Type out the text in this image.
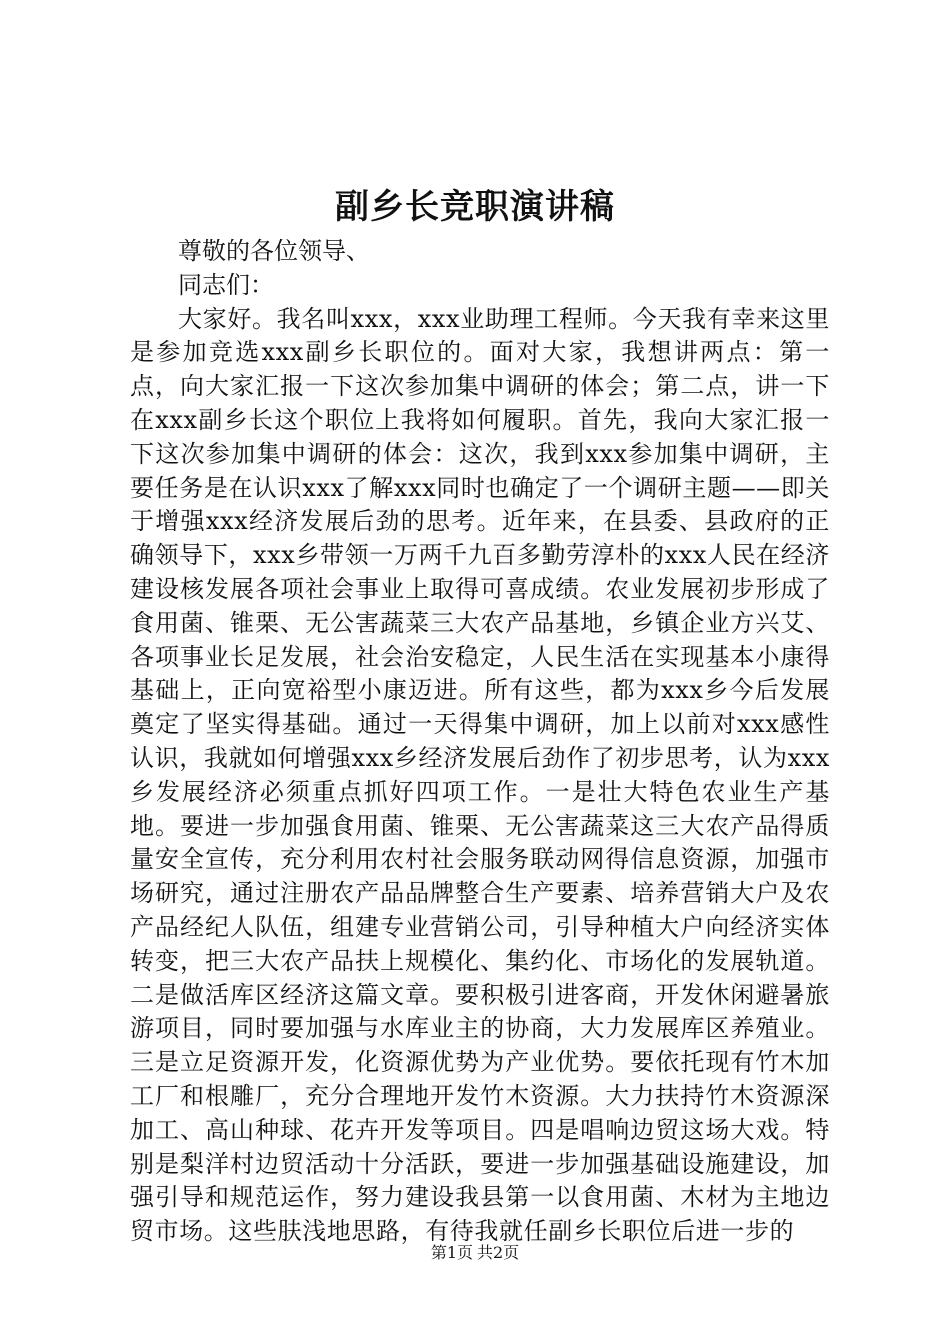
副乡长竞职演讲稿

尊敬的各位领导、

同志们：

大家好。我名叫xxx，xxx业助理工程师。今天我有幸来这里是参加竞选xxx副乡长职位的。面对大家，我想讲两点：第一点，向大家汇报一下这次参加集中调研的体会；第二点，讲一下在xxx副乡长这个职位上我将如何履职。首先，我向大家汇报一下这次参加集中调研的体会：这次，我到xxx参加集中调研，主要任务是在认识xxx了解xxx同时也确定了一个调研主题——即关于增强xxx经济发展后劲的思考。近年来，在县委、县政府的正确领导下，xxx乡带领一万两千九百多勤劳淳朴的xxx人民在经济建设核发展各项社会事业上取得可喜成绩。农业发展初步形成了食用菌、锥栗、无公害蔬菜三大农产品基地，乡镇企业方兴艾、各项事业长足发展，社会治安稳定，人民生活在实现基本小康得基础上，正向宽裕型小康迈进。所有这些，都为xxx乡今后发展奠定了坚实得基础。通过一天得集中调研，加上以前对xxx感性认识，我就如何增强xxx乡经济发展后劲作了初步思考，认为xxx乡发展经济必须重点抓好四项工作。一是壮大特色农业生产基地。要进一步加强食用菌、锥栗、无公害蔬菜这三大农产品得质量安全宣传，充分利用农村社会服务联动网得信息资源，加强市场研究，通过注册农产品品牌整合生产要素、培养营销大户及农产品经纪人队伍，组建专业营销公司，引导种植大户向经济实体转变，把三大农产品扶上规模化、集约化、市场化的发展轨道。二是做活库区经济这篇文章。要积极引进客商，开发休闲避暑旅游项目，同时要加强与水库业主的协商，大力发展库区养殖业。三是立足资源开发，化资源优势为产业优势。要依托现有竹木加工厂和根雕厂，充分合理地开发竹木资源。大力扶持竹木资源深加工、高山种球、花卉开发等项目。四是唱响边贸这场大戏。特别是梨洋村边贸活动十分活跃，要进一步加强基础设施建设，加强引导和规范运作，努力建设我县第一以食用菌、木材为主地边贸市场。这些肤浅地思路，有待我就任副乡长职位后进一步的

第1页 共2页
